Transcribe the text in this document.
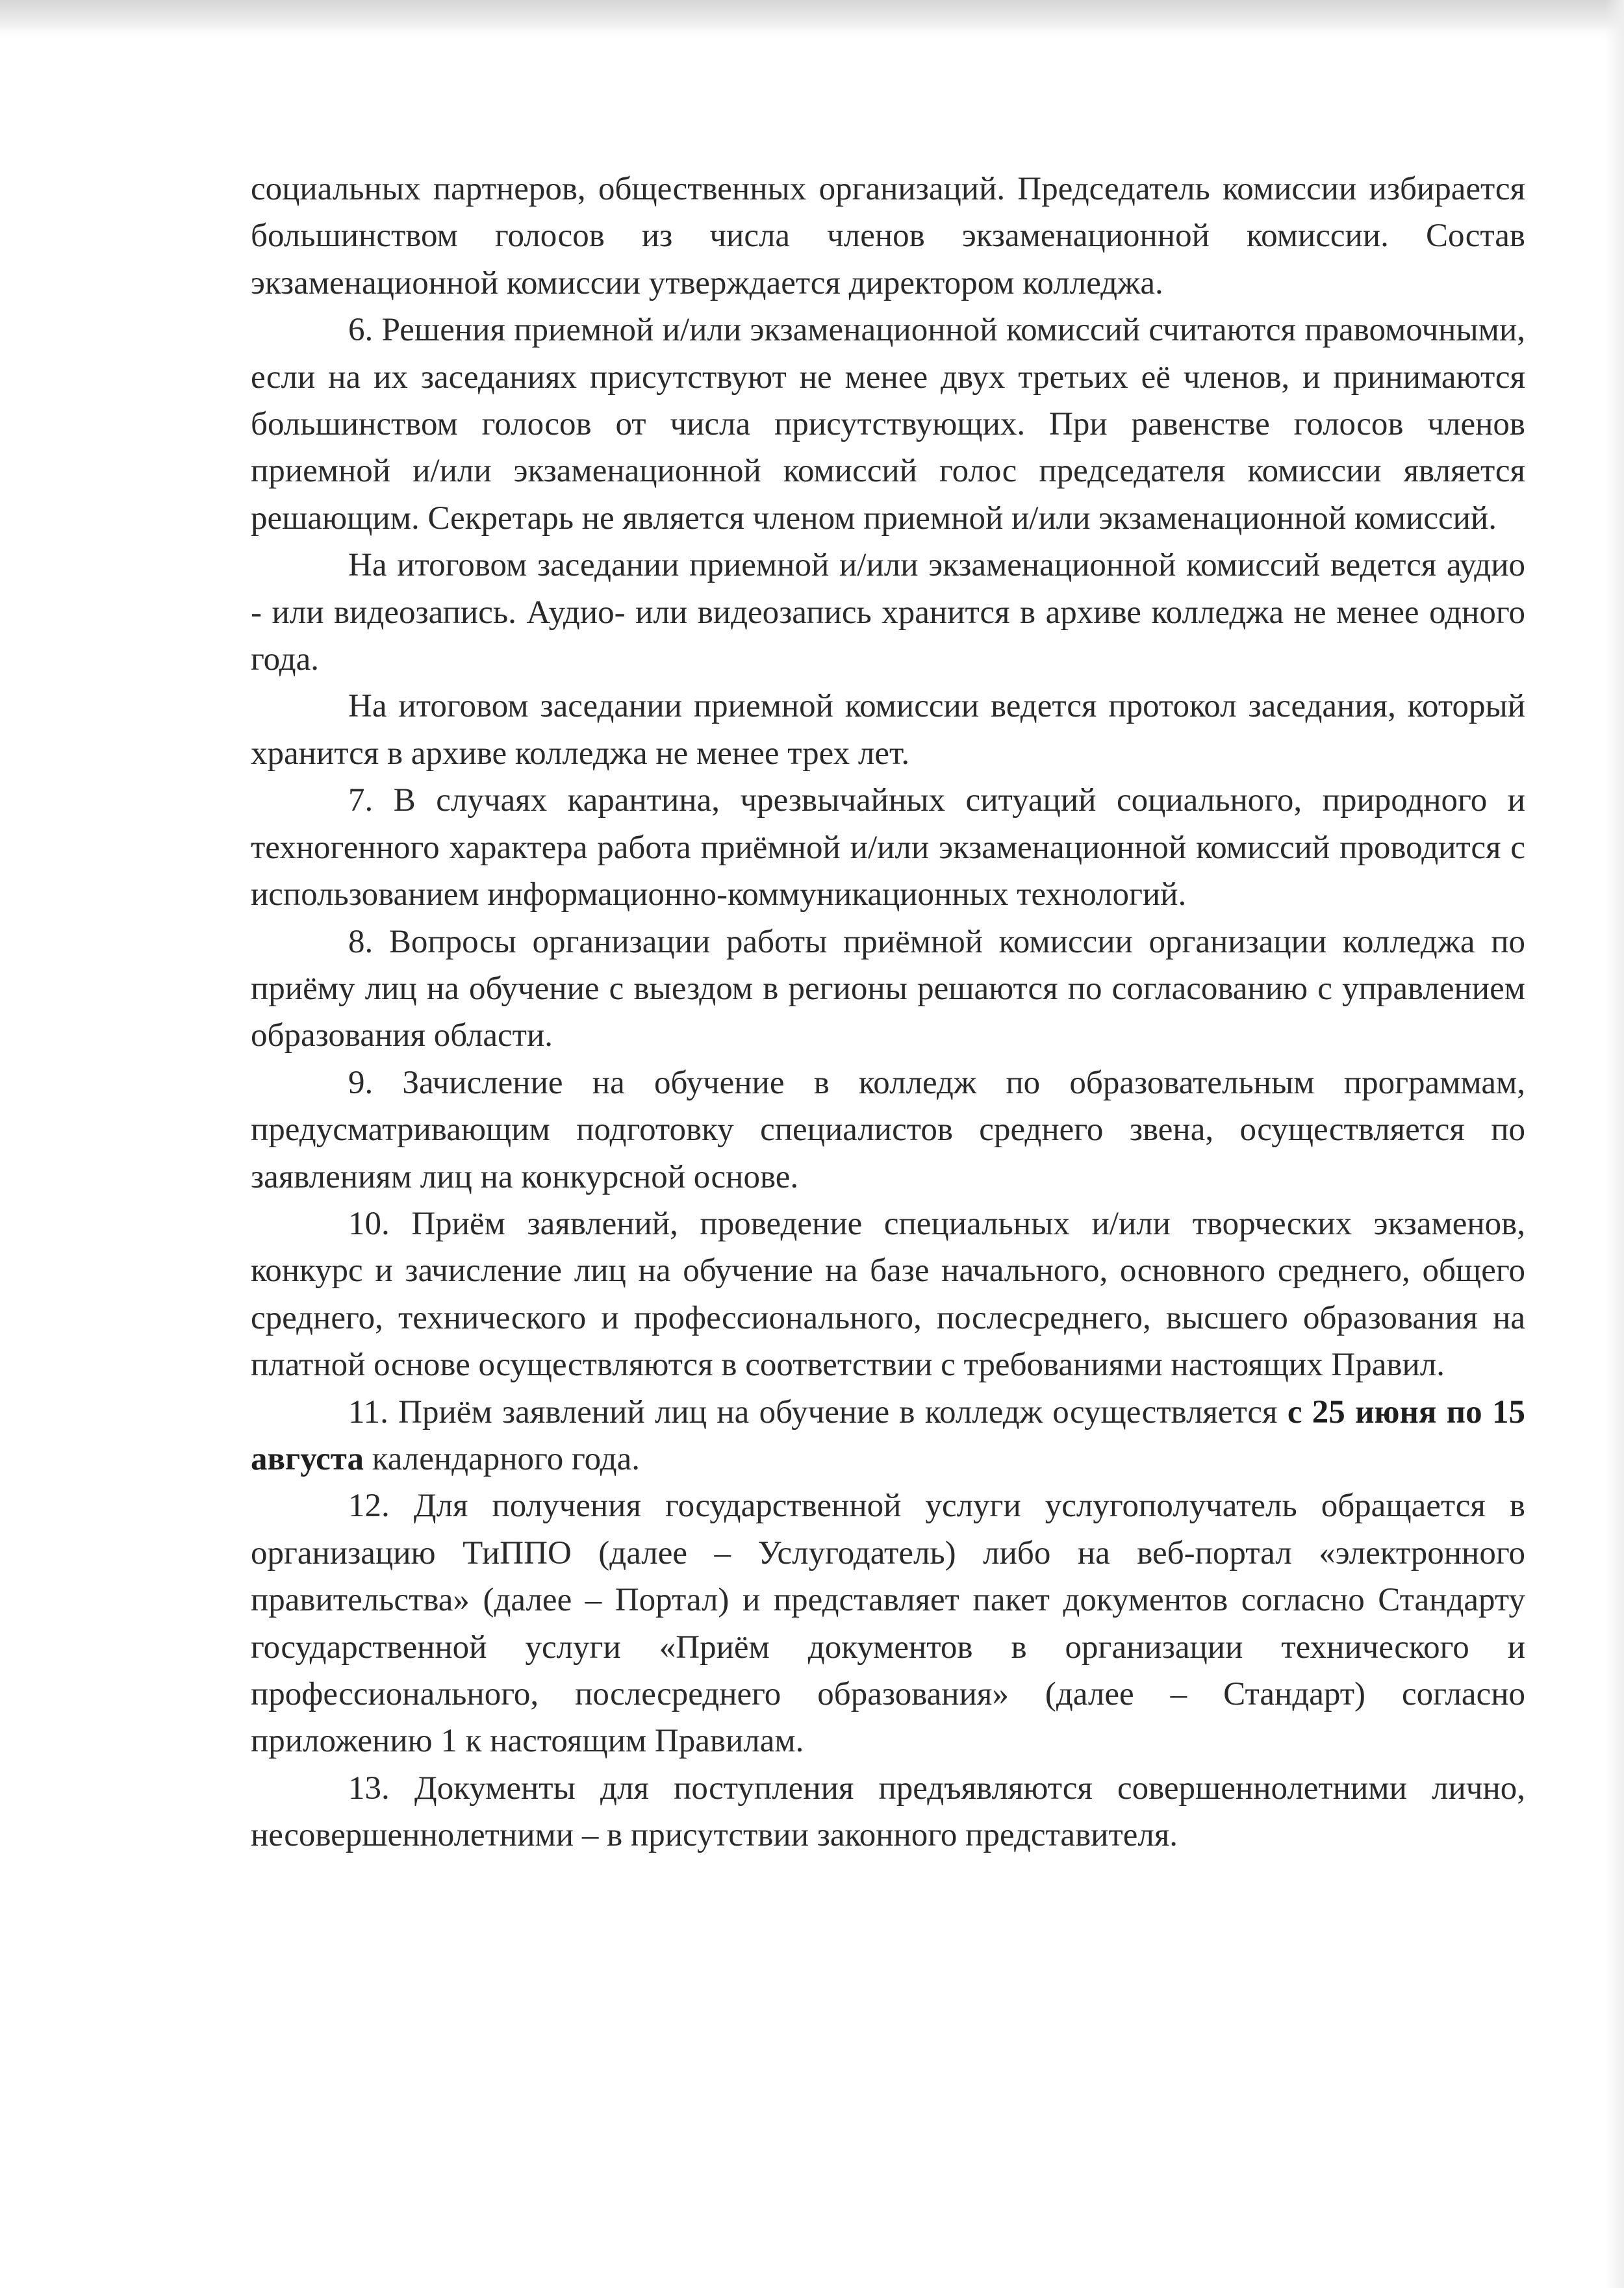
социальных партнеров, общественных организаций. Председатель комиссии избирается большинством голосов из числа членов экзаменационной комиссии. Состав экзаменационной комиссии утверждается директором колледжа.

6. Решения приемной и/или экзаменационной комиссий считаются правомочными, если на их заседаниях присутствуют не менее двух третьих её членов, и принимаются большинством голосов от числа присутствующих. При равенстве голосов членов приемной и/или экзаменационной комиссий голос председателя комиссии является решающим. Секретарь не является членом приемной и/или экзаменационной комиссий.

На итоговом заседании приемной и/или экзаменационной комиссий ведется аудио - или видеозапись. Аудио- или видеозапись хранится в архиве колледжа не менее одного года.

На итоговом заседании приемной комиссии ведется протокол заседания, который хранится в архиве колледжа не менее трех лет.

7. В случаях карантина, чрезвычайных ситуаций социального, природного и техногенного характера работа приёмной и/или экзаменационной комиссий проводится с использованием информационно-коммуникационных технологий.

8. Вопросы организации работы приёмной комиссии организации колледжа по приёму лиц на обучение с выездом в регионы решаются по согласованию с управлением образования области.

9. Зачисление на обучение в колледж по образовательным программам, предусматривающим подготовку специалистов среднего звена, осуществляется по заявлениям лиц на конкурсной основе.

10. Приём заявлений, проведение специальных и/или творческих экзаменов, конкурс и зачисление лиц на обучение на базе начального, основного среднего, общего среднего, технического и профессионального, послесреднего, высшего образования на платной основе осуществляются в соответствии с требованиями настоящих Правил.

11. Приём заявлений лиц на обучение в колледж осуществляется с 25 июня по 15 августа календарного года.

12. Для получения государственной услуги услугополучатель обращается в организацию ТиППО (далее – Услугодатель) либо на веб-портал «электронного правительства» (далее – Портал) и представляет пакет документов согласно Стандарту государственной услуги «Приём документов в организации технического и профессионального, послесреднего образования» (далее – Стандарт) согласно приложению 1 к настоящим Правилам.

13. Документы для поступления предъявляются совершеннолетними лично, несовершеннолетними – в присутствии законного представителя.
